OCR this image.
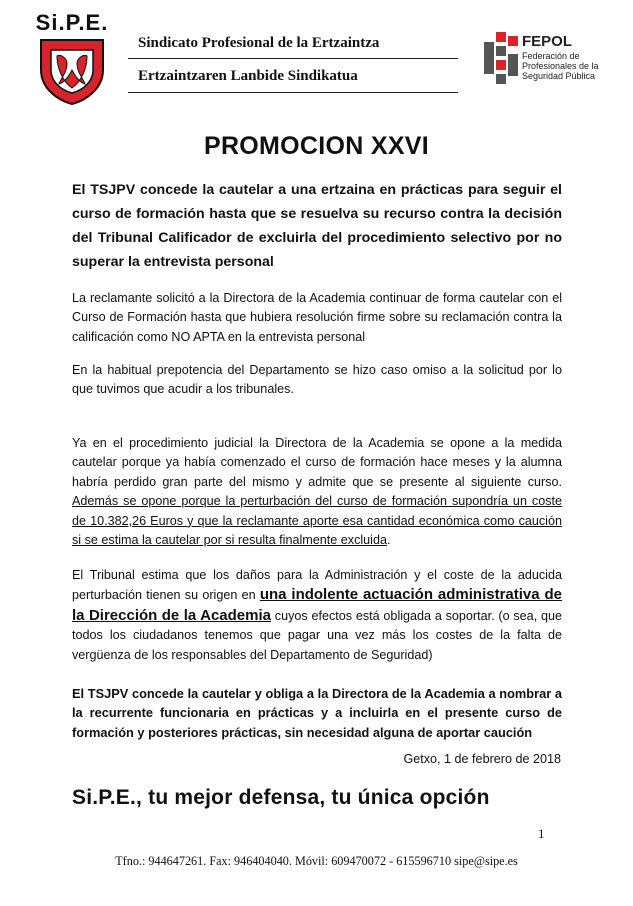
Si.P.E.
Sindicato Profesional de la Ertzaintza
Ertzaintzaren Lanbide Sindikatua
FEPOL
Federación de Profesionales de la Seguridad Pública
PROMOCION XXVI
El TSJPV concede la cautelar a una ertzaina en prácticas para seguir el curso de formación hasta que se resuelva su recurso contra la decisión del Tribunal Calificador de excluirla del procedimiento selectivo por no superar la entrevista personal
La reclamante solicitó a la Directora de la Academia continuar de forma cautelar con el Curso de Formación hasta que hubiera resolución firme sobre su reclamación contra la calificación como NO APTA en la entrevista personal
En la habitual prepotencia del Departamento se hizo caso omiso a la solicitud por lo que tuvimos que acudir a los tribunales.
Ya en el procedimiento judicial la Directora de la Academia se opone a la medida cautelar porque ya había comenzado el curso de formación hace meses y la alumna habría perdido gran parte del mismo y admite que se presente al siguiente curso. Además se opone porque la perturbación del curso de formación supondría un coste de 10.382,26 Euros y que la reclamante aporte esa cantidad económica como caución si se estima la cautelar por si resulta finalmente excluida.
El Tribunal estima que los daños para la Administración y el coste de la aducida perturbación tienen su origen en una indolente actuación administrativa de la Dirección de la Academia cuyos efectos está obligada a soportar. (o sea, que todos los ciudadanos tenemos que pagar una vez más los costes de la falta de vergüenza de los responsables del Departamento de Seguridad)
El TSJPV concede la cautelar y obliga a la Directora de la Academia a nombrar a la recurrente funcionaria en prácticas y a incluirla en el presente curso de formación y posteriores prácticas, sin necesidad alguna de aportar caución
Getxo, 1 de febrero de 2018
Si.P.E., tu mejor defensa, tu única opción
1
Tfno.: 944647261. Fax: 946404040. Móvil: 609470072 - 615596710 sipe@sipe.es
